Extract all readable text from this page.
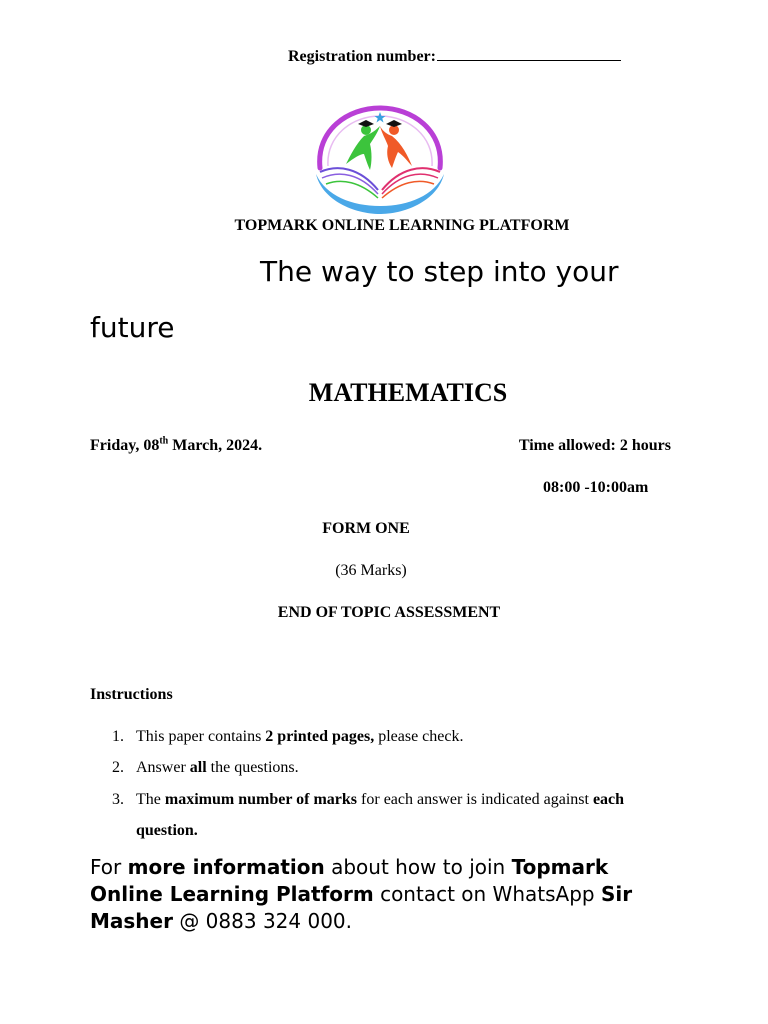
Registration number:
TOPMARK ONLINE LEARNING PLATFORM
The way to step into your
future
MATHEMATICS
Friday, 08th March, 2024.	Time allowed: 2 hours
08:00 -10:00am
FORM ONE
(36 Marks)
END OF TOPIC ASSESSMENT
Instructions
1. This paper contains 2 printed pages, please check.
2. Answer all the questions.
3. The maximum number of marks for each answer is indicated against each
question.
For more information about how to join Topmark Online Learning Platform contact on WhatsApp Sir Masher @ 0883 324 000.
